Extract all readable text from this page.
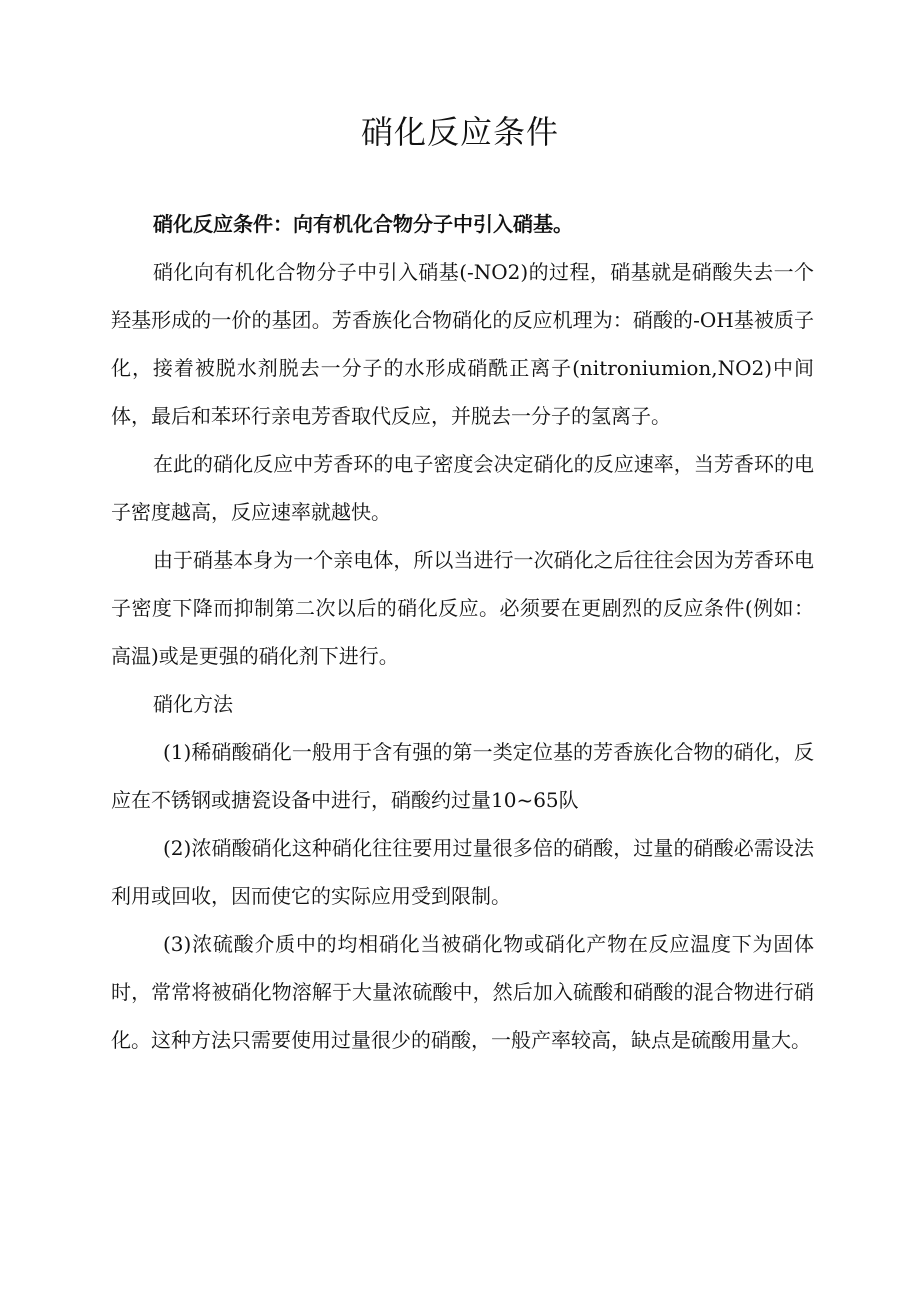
硝化反应条件

硝化反应条件：向有机化合物分子中引入硝基。

硝化向有机化合物分子中引入硝基(-NO2)的过程，硝基就是硝酸失去一个羟基形成的一价的基团。芳香族化合物硝化的反应机理为：硝酸的-OH基被质子化，接着被脱水剂脱去一分子的水形成硝酰正离子(nitroniumion,NO2)中间体，最后和苯环行亲电芳香取代反应，并脱去一分子的氢离子。

在此的硝化反应中芳香环的电子密度会决定硝化的反应速率，当芳香环的电子密度越高，反应速率就越快。

由于硝基本身为一个亲电体，所以当进行一次硝化之后往往会因为芳香环电子密度下降而抑制第二次以后的硝化反应。必须要在更剧烈的反应条件(例如：高温)或是更强的硝化剂下进行。

硝化方法

(1)稀硝酸硝化一般用于含有强的第一类定位基的芳香族化合物的硝化，反应在不锈钢或搪瓷设备中进行，硝酸约过量10~65队

(2)浓硝酸硝化这种硝化往往要用过量很多倍的硝酸，过量的硝酸必需设法利用或回收，因而使它的实际应用受到限制。

(3)浓硫酸介质中的均相硝化当被硝化物或硝化产物在反应温度下为固体时，常常将被硝化物溶解于大量浓硫酸中，然后加入硫酸和硝酸的混合物进行硝化。这种方法只需要使用过量很少的硝酸，一般产率较高，缺点是硫酸用量大。
